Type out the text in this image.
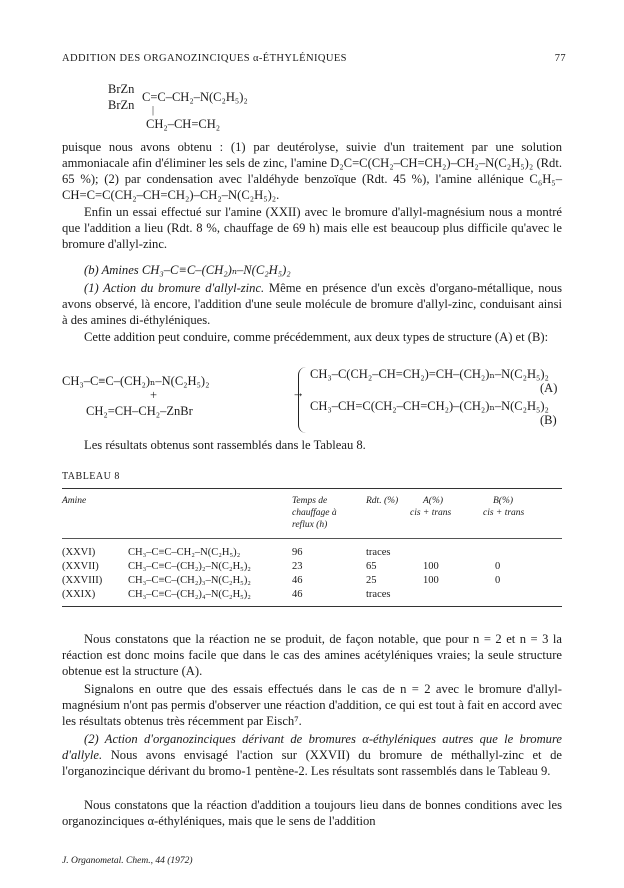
ADDITION DES ORGANOZINCIQUES α-ÉTHYLÉNIQUES	77
BrZn
BrZn
C=C–CH₂–N(C₂H₅)₂
|
CH₂–CH=CH₂
puisque nous avons obtenu : (1) par deutérolyse, suivie d'un traitement par une solution ammoniacale afin d'éliminer les sels de zinc, l'amine D₂C=C(CH₂–CH=CH₂)–CH₂–N(C₂H₅)₂ (Rdt. 65 %); (2) par condensation avec l'aldéhyde benzoïque (Rdt. 45 %), l'amine allénique C₆H₅–CH=C=C(CH₂–CH=CH₂)–CH₂–N(C₂H₅)₂.
Enfin un essai effectué sur l'amine (XXII) avec le bromure d'allyl-magnésium nous a montré que l'addition a lieu (Rdt. 8 %, chauffage de 69 h) mais elle est beaucoup plus difficile qu'avec le bromure d'allyl-zinc.
(b) Amines CH₃–C≡C–(CH₂)ₙ–N(C₂H₅)₂
(1) Action du bromure d'allyl-zinc. Même en présence d'un excès d'organo-métallique, nous avons observé, là encore, l'addition d'une seule molécule de bromure d'allyl-zinc, conduisant ainsi à des amines di-éthyléniques.
Cette addition peut conduire, comme précédemment, aux deux types de structure (A) et (B):
CH₃–C≡C–(CH₂)ₙ–N(C₂H₅)₂
+	→
CH₂=CH–CH₂–ZnBr
CH₃–C(CH₂–CH=CH₂)=CH–(CH₂)ₙ–N(C₂H₅)₂
(A)
CH₃–CH=C(CH₂–CH=CH₂)–(CH₂)ₙ–N(C₂H₅)₂
(B)
Les résultats obtenus sont rassemblés dans le Tableau 8.
TABLEAU 8
Amine	Temps de
chauffage à
reflux (h)
Rdt. (%)	A(%)
cis + trans
B(%)
cis + trans
(XXVI)	CH₃–C≡C–CH₂–N(C₂H₅)₂	96	traces
(XXVII)	CH₃–C≡C–(CH₂)₂–N(C₂H₅)₂	23	65	100	0
(XXVIII) CH₃–C≡C–(CH₂)₃–N(C₂H₅)₂	46	25	100	0
(XXIX)	CH₃–C≡C–(CH₂)₄–N(C₂H₅)₂	46	traces
Nous constatons que la réaction ne se produit, de façon notable, que pour n = 2 et n = 3 la réaction est donc moins facile que dans le cas des amines acétyléniques vraies; la seule structure obtenue est la structure (A).
Signalons en outre que des essais effectués dans le cas de n = 2 avec le bromure d'allyl-magnésium n'ont pas permis d'observer une réaction d'addition, ce qui est tout à fait en accord avec les résultats obtenus très récemment par Eisch⁷.
(2) Action d'organozinciques dérivant de bromures α-éthyléniques autres que le bromure d'allyle. Nous avons envisagé l'action sur (XXVII) du bromure de méthallyl-zinc et de l'organozincique dérivant du bromo-1 pentène-2. Les résultats sont rassemblés dans le Tableau 9.
Nous constatons que la réaction d'addition a toujours lieu dans de bonnes conditions avec les organozinciques α-éthyléniques, mais que le sens de l'addition
J. Organometal. Chem., 44 (1972)
